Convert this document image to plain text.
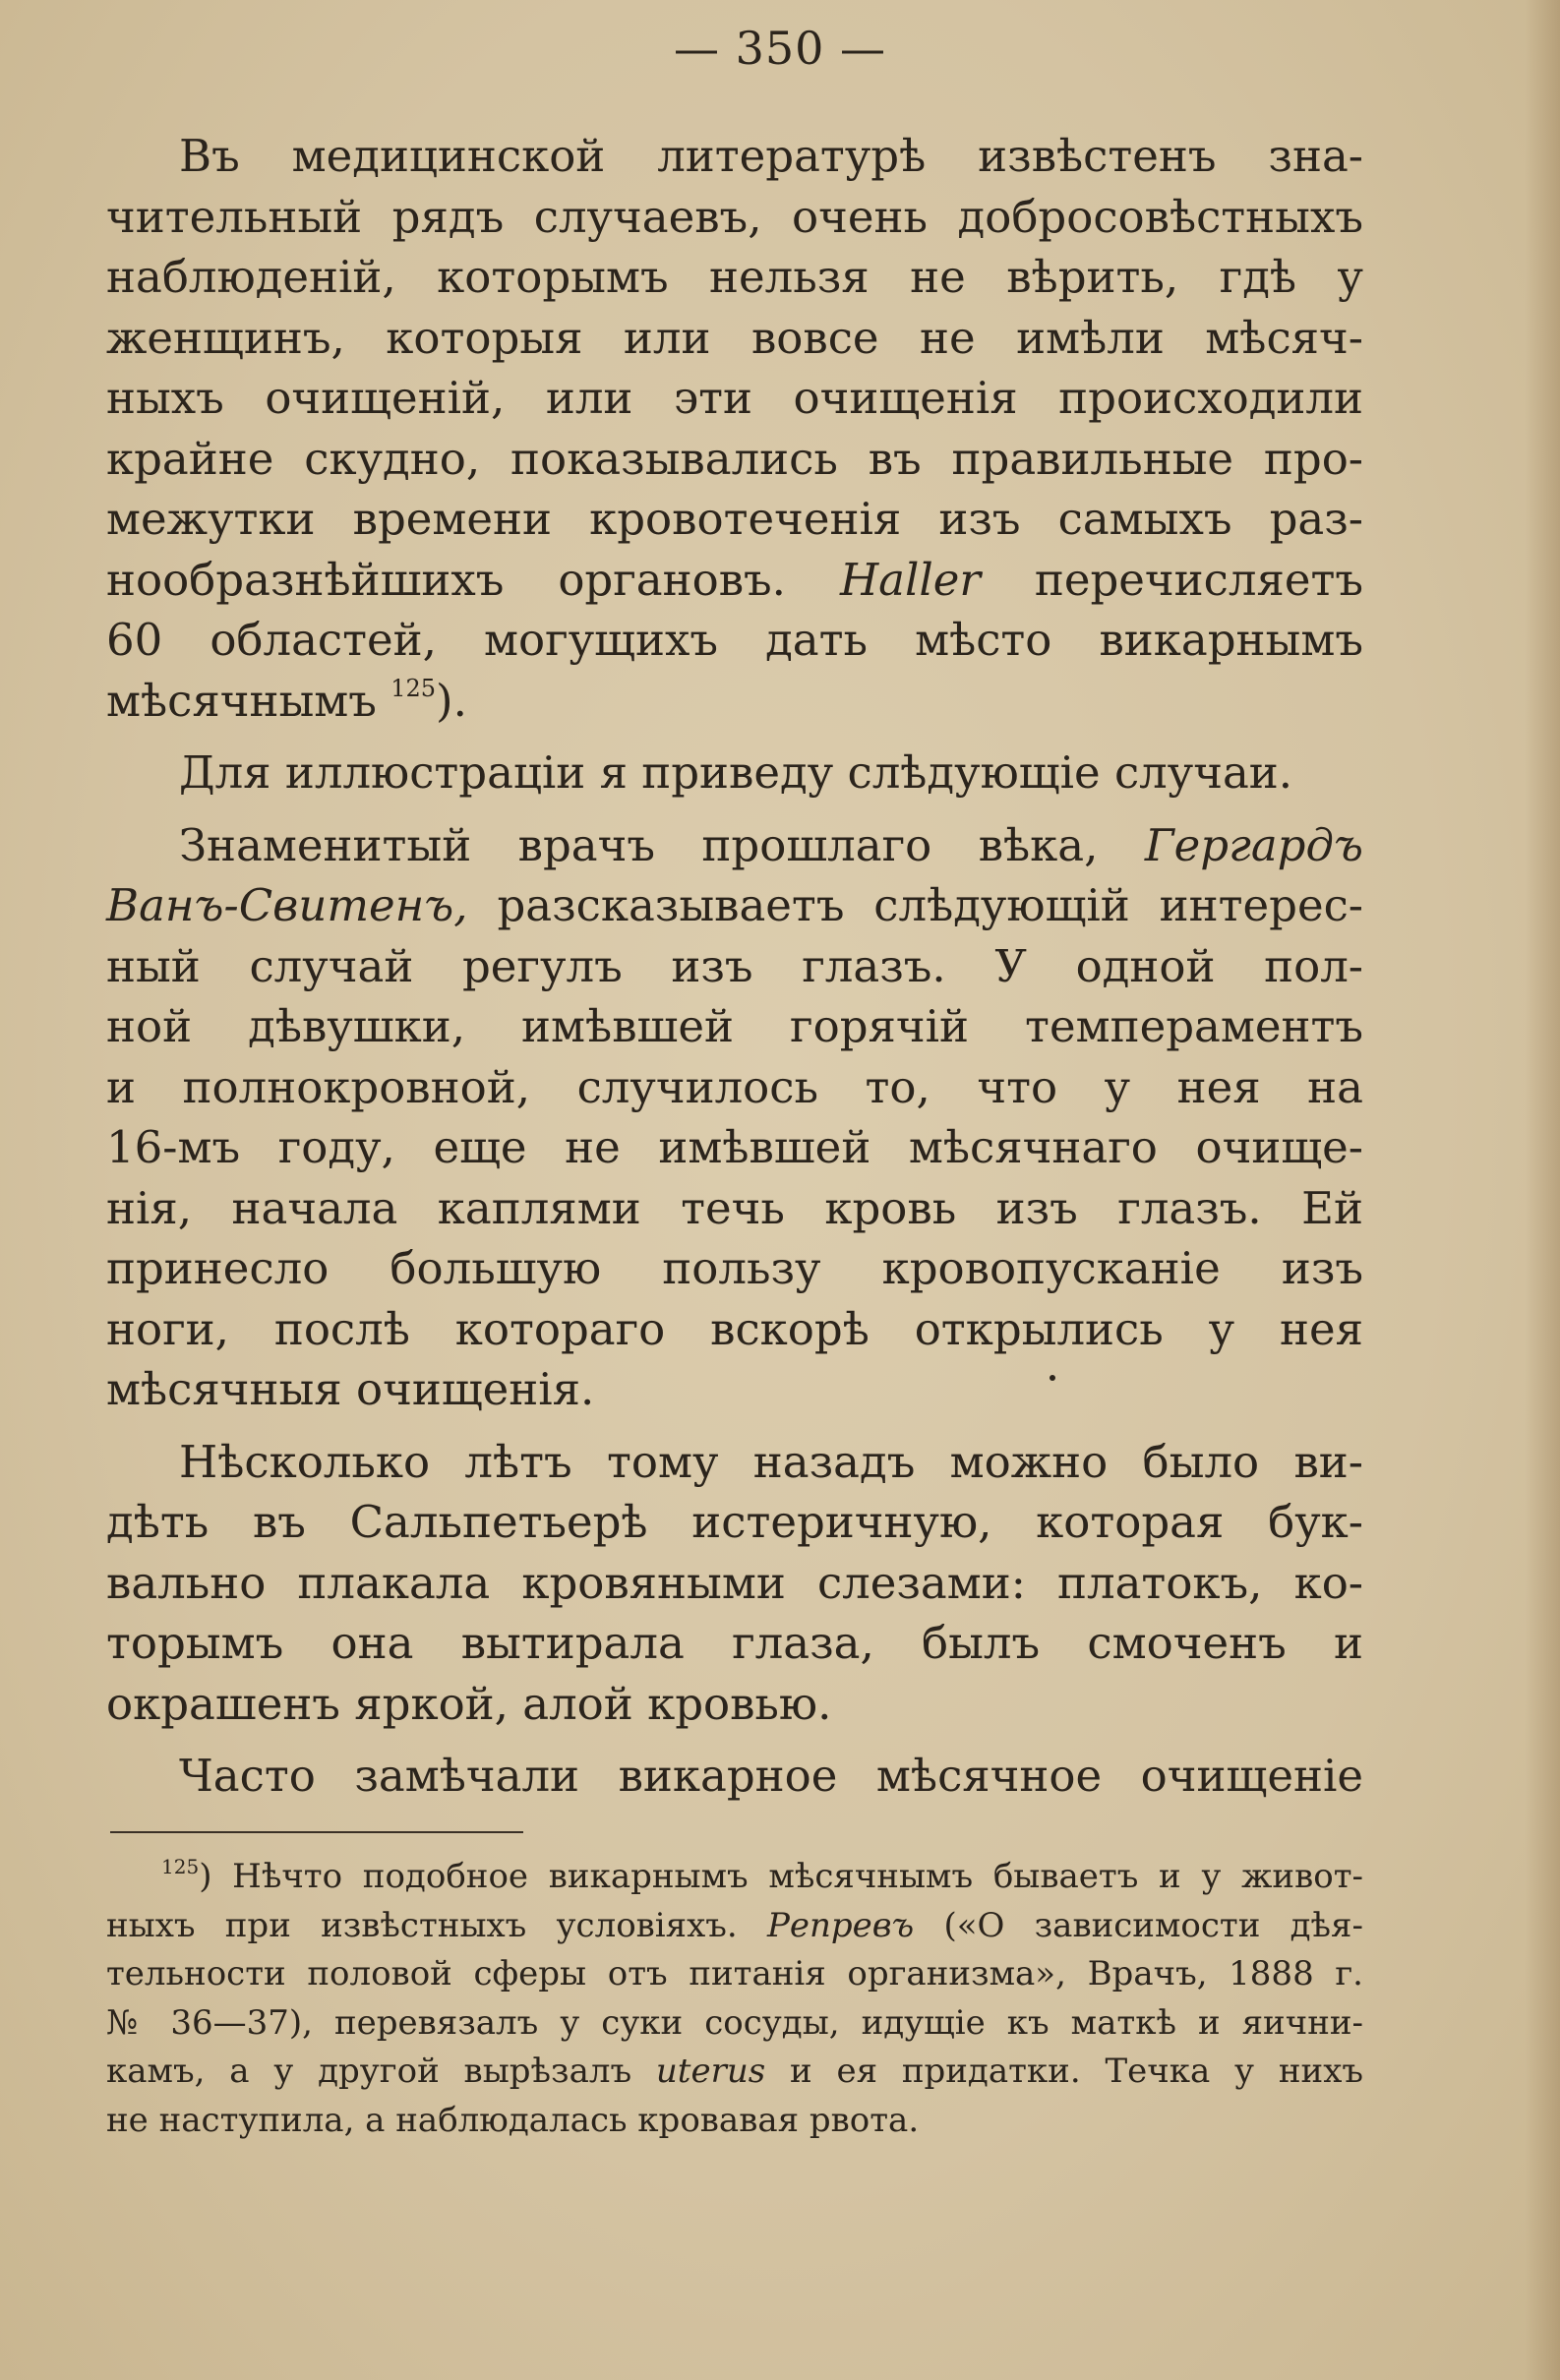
— 350 —
Въ медицинской литературѣ извѣстенъ зна-
чительный рядъ случаевъ, очень добросовѣстныхъ
наблюденій, которымъ нельзя не вѣрить, гдѣ у
женщинъ, которыя или вовсе не имѣли мѣсяч-
ныхъ очищеній, или эти очищенія происходили
крайне скудно, показывались въ правильные про-
межутки времени кровотеченія изъ самыхъ раз-
нообразнѣйшихъ органовъ. Haller перечисляетъ
60 областей, могущихъ дать мѣсто викарнымъ
мѣсячнымъ $^{125}$).
Для иллюстраціи я приведу слѣдующіе случаи.
Знаменитый врачъ прошлаго вѣка, Гергардъ
Ванъ-Свитенъ, разсказываетъ слѣдующій интерес-
ный случай регулъ изъ глазъ. У одной пол-
ной дѣвушки, имѣвшей горячій темпераментъ
и полнокровной, случилось то, что у нея на
16-мъ году, еще не имѣвшей мѣсячнаго очище-
нія, начала каплями течь кровь изъ глазъ. Ей
принесло большую пользу кровопусканіе изъ
ноги, послѣ котораго вскорѣ открылись у нея
мѣсячныя очищенія.
Нѣсколько лѣтъ тому назадъ можно было ви-
дѣть въ Сальпетьерѣ истеричную, которая бук-
вально плакала кровяными слезами: платокъ, ко-
торымъ она вытирала глаза, былъ смоченъ и
окрашенъ яркой, алой кровью.
Часто замѣчали викарное мѣсячное очищеніе
$^{125}$) Нѣчто подобное викарнымъ мѣсячнымъ бываетъ и у живот-
ныхъ при извѣстныхъ условіяхъ. Репревъ («О зависимости дѣя-
тельности половой сферы отъ питанія организма», Врачъ, 1888 г.
№ 36—37), перевязалъ у суки сосуды, идущіе къ маткѣ и яични-
камъ, а у другой вырѣзалъ uterus и ея придатки. Течка у нихъ
не наступила, а наблюдалась кровавая рвота.
